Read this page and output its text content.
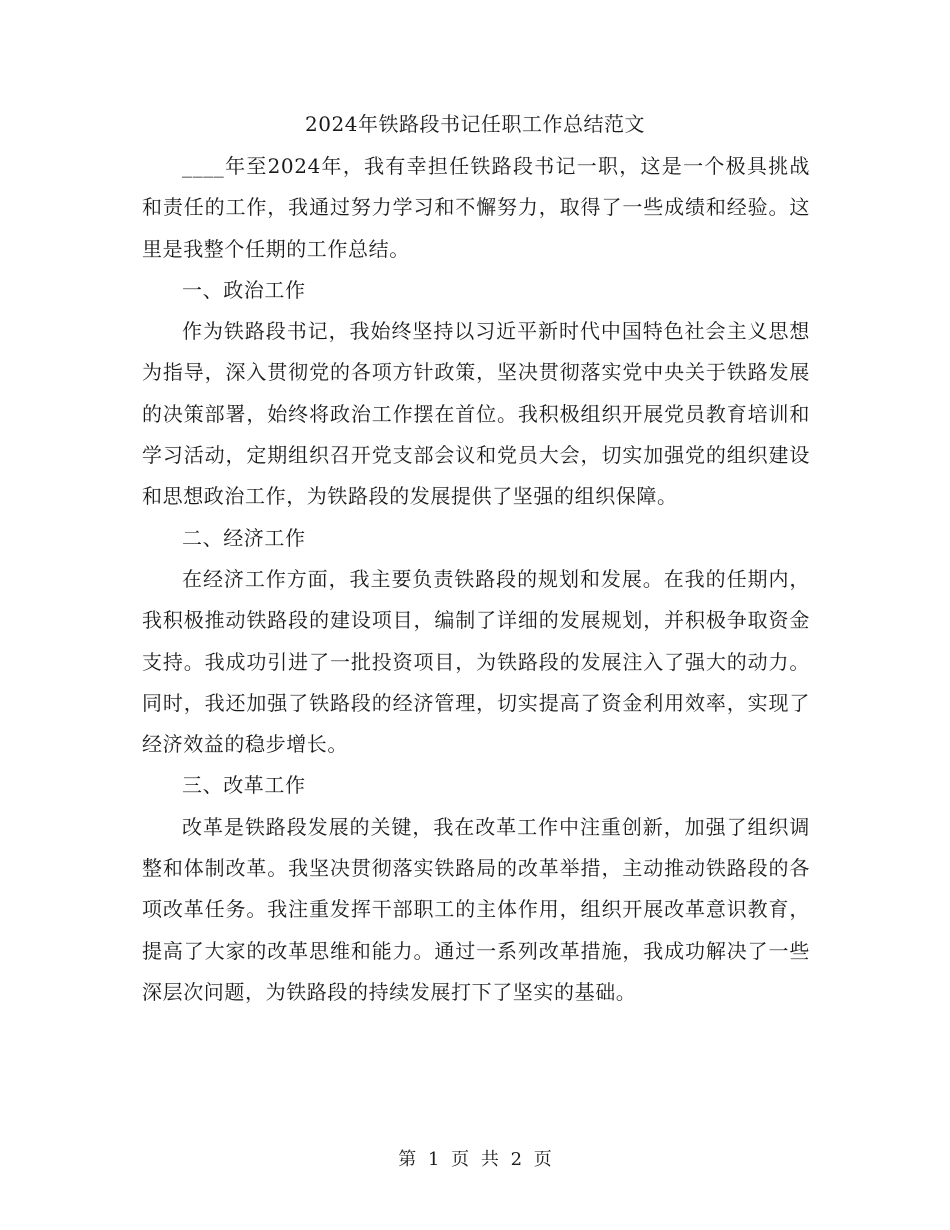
2024年铁路段书记任职工作总结范文

____年至2024年，我有幸担任铁路段书记一职，这是一个极具挑战和责任的工作，我通过努力学习和不懈努力，取得了一些成绩和经验。这里是我整个任期的工作总结。

一、政治工作

作为铁路段书记，我始终坚持以习近平新时代中国特色社会主义思想为指导，深入贯彻党的各项方针政策，坚决贯彻落实党中央关于铁路发展的决策部署，始终将政治工作摆在首位。我积极组织开展党员教育培训和学习活动，定期组织召开党支部会议和党员大会，切实加强党的组织建设和思想政治工作，为铁路段的发展提供了坚强的组织保障。

二、经济工作

在经济工作方面，我主要负责铁路段的规划和发展。在我的任期内，我积极推动铁路段的建设项目，编制了详细的发展规划，并积极争取资金支持。我成功引进了一批投资项目，为铁路段的发展注入了强大的动力。同时，我还加强了铁路段的经济管理，切实提高了资金利用效率，实现了经济效益的稳步增长。

三、改革工作

改革是铁路段发展的关键，我在改革工作中注重创新，加强了组织调整和体制改革。我坚决贯彻落实铁路局的改革举措，主动推动铁路段的各项改革任务。我注重发挥干部职工的主体作用，组织开展改革意识教育，提高了大家的改革思维和能力。通过一系列改革措施，我成功解决了一些深层次问题，为铁路段的持续发展打下了坚实的基础。

第 1 页 共 2 页
